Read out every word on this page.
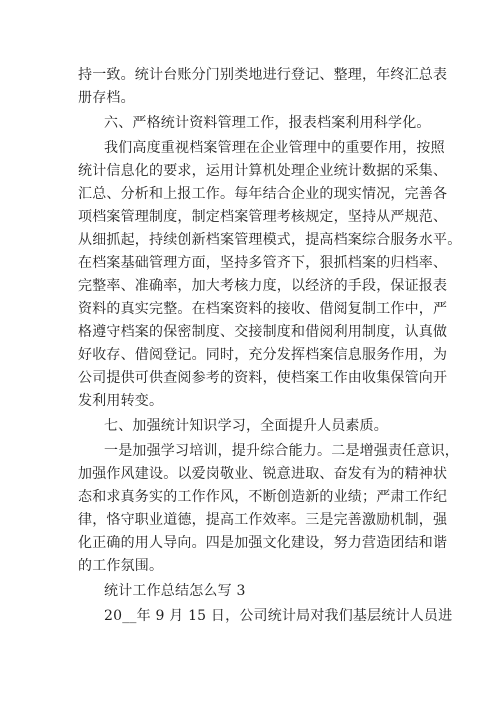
持一致。统计台账分门别类地进行登记、整理，年终汇总表
册存档。
六、严格统计资料管理工作，报表档案利用科学化。
我们高度重视档案管理在企业管理中的重要作用，按照
统计信息化的要求，运用计算机处理企业统计数据的采集、
汇总、分析和上报工作。每年结合企业的现实情况，完善各
项档案管理制度，制定档案管理考核规定，坚持从严规范、
从细抓起，持续创新档案管理模式，提高档案综合服务水平。
在档案基础管理方面，坚持多管齐下，狠抓档案的归档率、
完整率、准确率，加大考核力度，以经济的手段，保证报表
资料的真实完整。在档案资料的接收、借阅复制工作中，严
格遵守档案的保密制度、交接制度和借阅利用制度，认真做
好收存、借阅登记。同时，充分发挥档案信息服务作用，为
公司提供可供查阅参考的资料，使档案工作由收集保管向开
发利用转变。
七、加强统计知识学习，全面提升人员素质。
一是加强学习培训，提升综合能力。二是增强责任意识，
加强作风建设。以爱岗敬业、锐意进取、奋发有为的精神状
态和求真务实的工作作风，不断创造新的业绩；严肃工作纪
律，恪守职业道德，提高工作效率。三是完善激励机制，强
化正确的用人导向。四是加强文化建设，努力营造团结和谐
的工作氛围。
统计工作总结怎么写 3
20__年 9 月 15 日，公司统计局对我们基层统计人员进
